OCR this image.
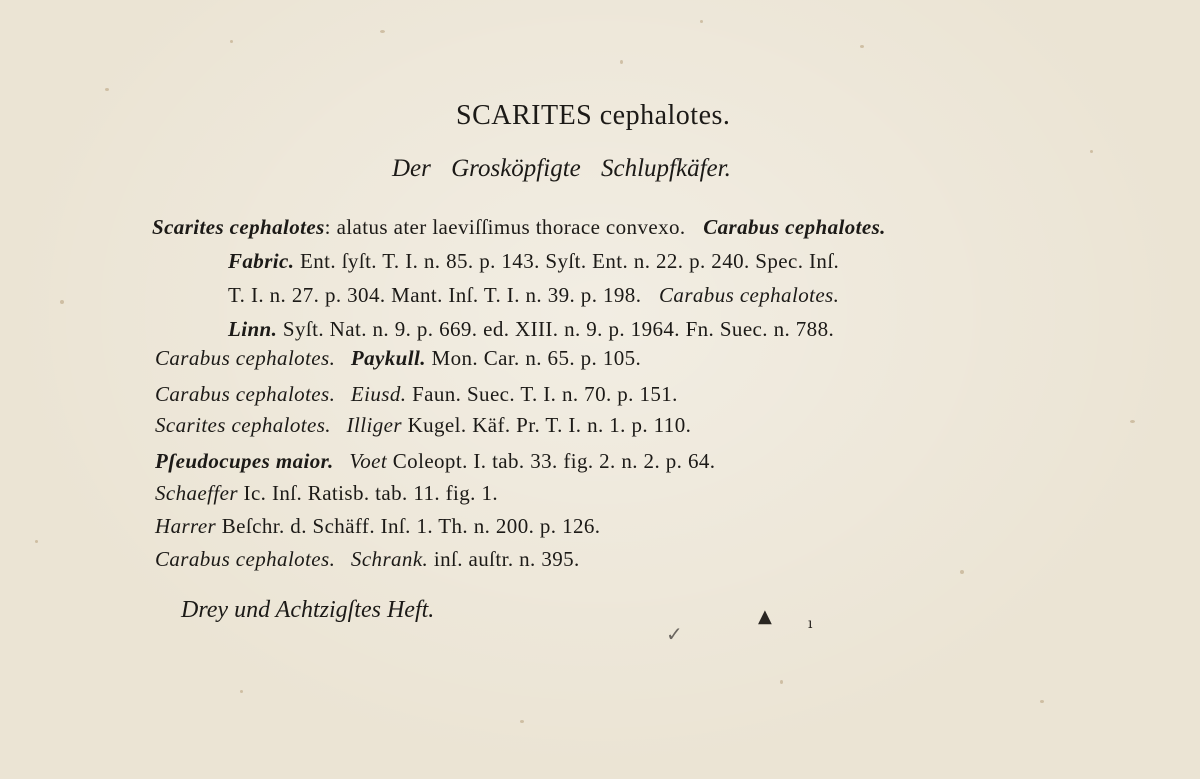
SCARITES cephalotes.
Der Groskӧpfigte Schlupfkäfer.
Scarites cephalotes: alatus ater laeviſſimus thorace convexo. Carabus cephalotes.
Fabric. Ent. ſyſt. T. I. n. 85. p. 143. Syſt. Ent. n. 22. p. 240. Spec. Inſ.
T. I. n. 27. p. 304. Mant. Inſ. T. I. n. 39. p. 198. Carabus cephalotes.
Linn. Syſt. Nat. n. 9. p. 669. ed. XIII. n. 9. p. 1964. Fn. Suec. n. 788.
Carabus cephalotes. Paykull. Mon. Car. n. 65. p. 105.
Carabus cephalotes. Eiusd. Faun. Suec. T. I. n. 70. p. 151.
Scarites cephalotes. Illiger Kugel. Käf. Pr. T. I. n. 1. p. 110.
Pſeudocupes maior. Voet Coleopt. I. tab. 33. fig. 2. n. 2. p. 64.
Schaeffer Ic. Inſ. Ratisb. tab. 11. fig. 1.
Harrer Beſchr. d. Schäff. Inſ. 1. Th. n. 200. p. 126.
Carabus cephalotes. Schrank. inſ. auſtr. n. 395.
Drey und Achtzigſtes Heft.
✓
▲	ı
